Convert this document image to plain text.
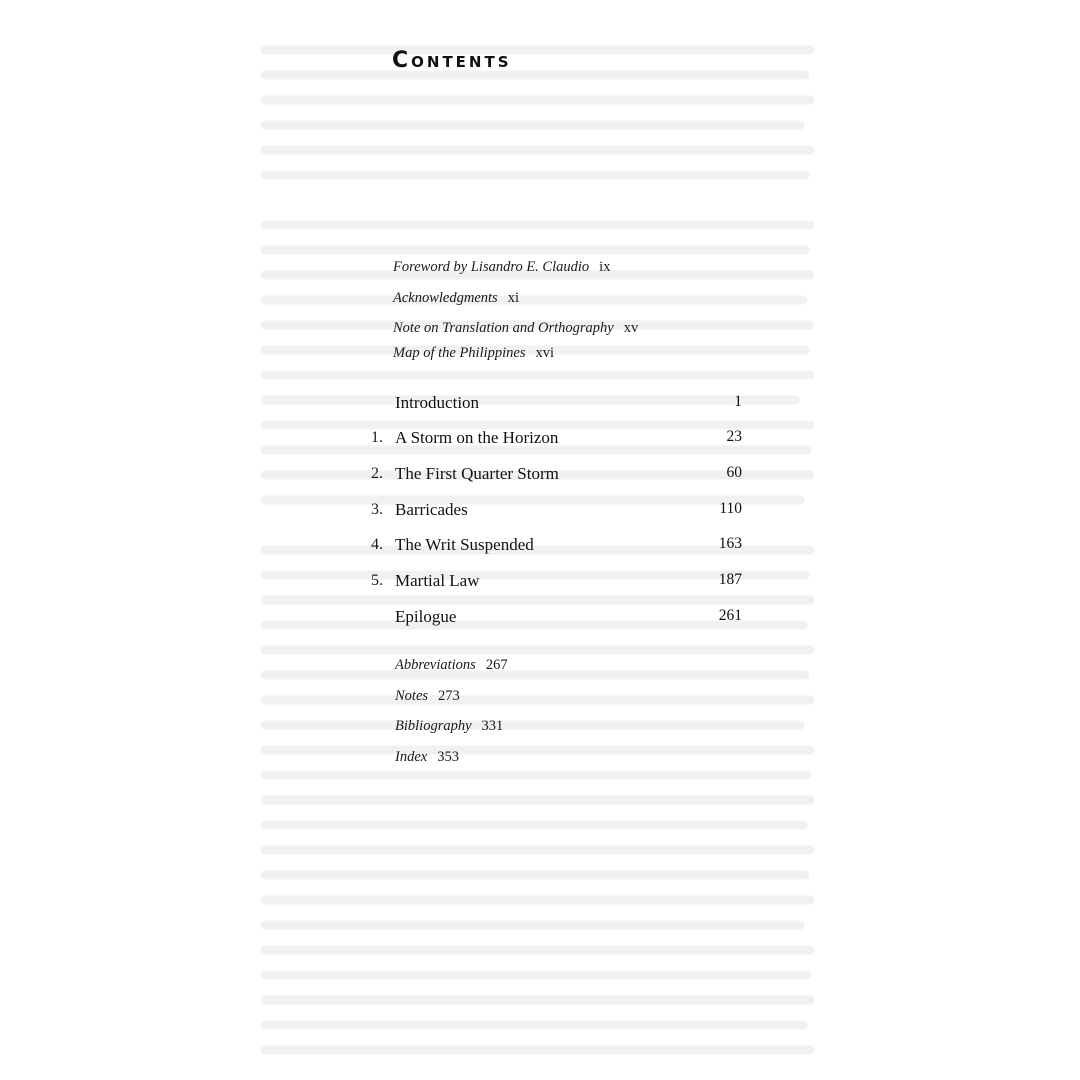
Contents
Foreword by Lisandro E. Claudio ix
Acknowledgments xi
Note on Translation and Orthography xv
Map of the Philippines xvi
Introduction	1
1. A Storm on the Horizon	23
2. The First Quarter Storm	60
3. Barricades	110
4. The Writ Suspended	163
5. Martial Law	187
Epilogue	261
Abbreviations 267
Notes 273
Bibliography 331
Index 353
